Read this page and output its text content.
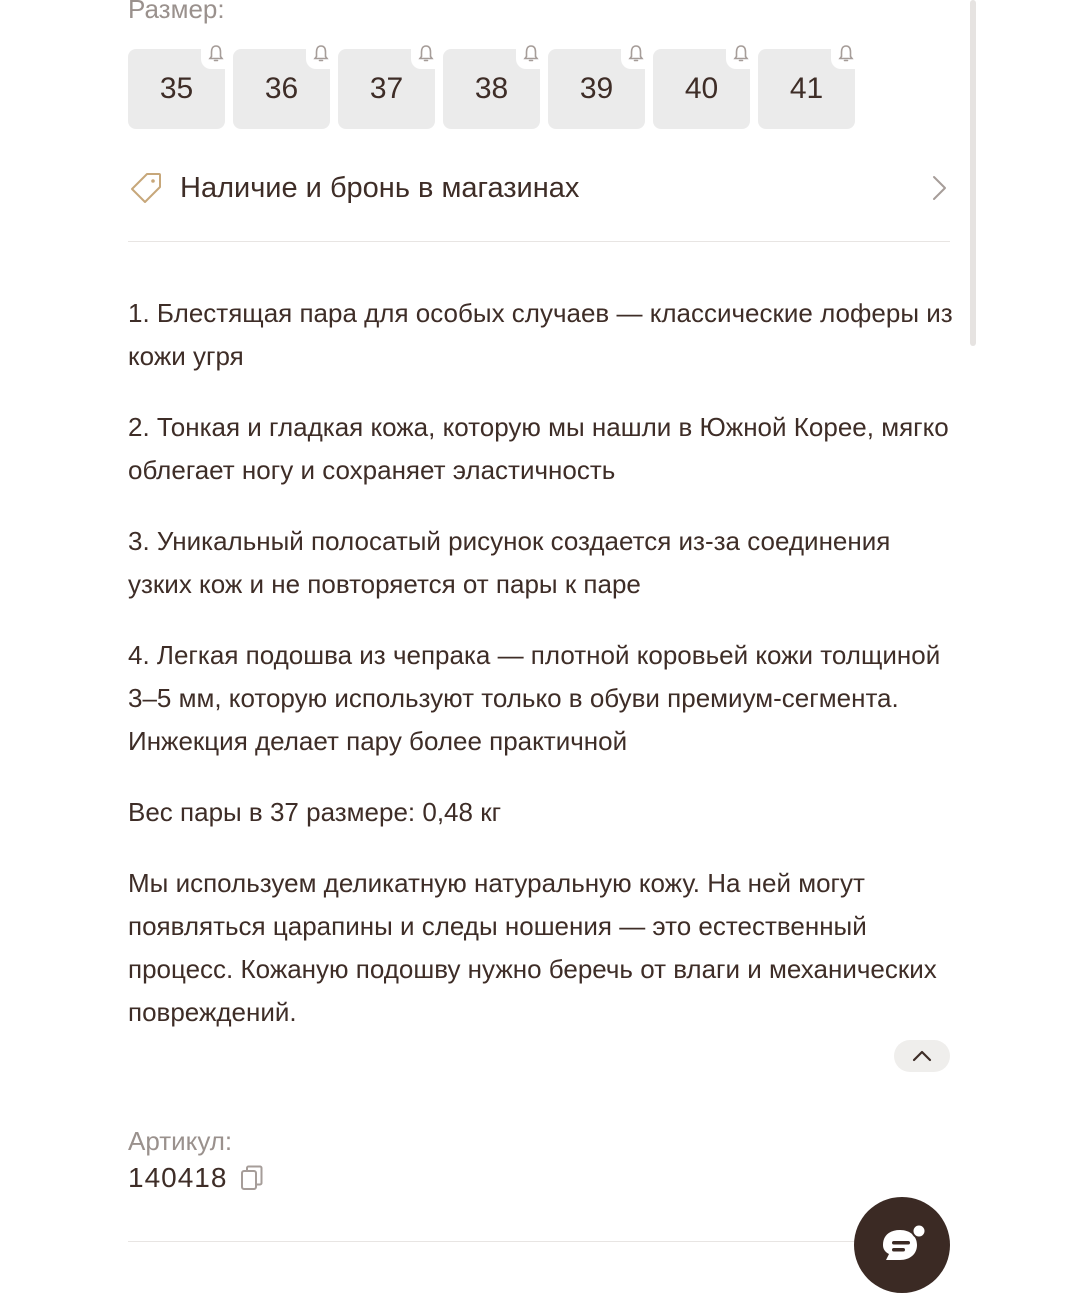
Размер:
35 36 37 38 39 40 41
Наличие и бронь в магазинах

1. Блестящая пара для особых случаев — классические лоферы из кожи угря

2. Тонкая и гладкая кожа, которую мы нашли в Южной Корее, мягко облегает ногу и сохраняет эластичность

3. Уникальный полосатый рисунок создается из-за соединения узких кож и не повторяется от пары к паре

4. Легкая подошва из чепрака — плотной коровьей кожи толщиной 3–5 мм, которую используют только в обуви премиум-сегмента. Инжекция делает пару более практичной

Вес пары в 37 размере: 0,48 кг

Мы используем деликатную натуральную кожу. На ней могут появляться царапины и следы ношения — это естественный процесс. Кожаную подошву нужно беречь от влаги и механических повреждений.

Артикул:
140418
